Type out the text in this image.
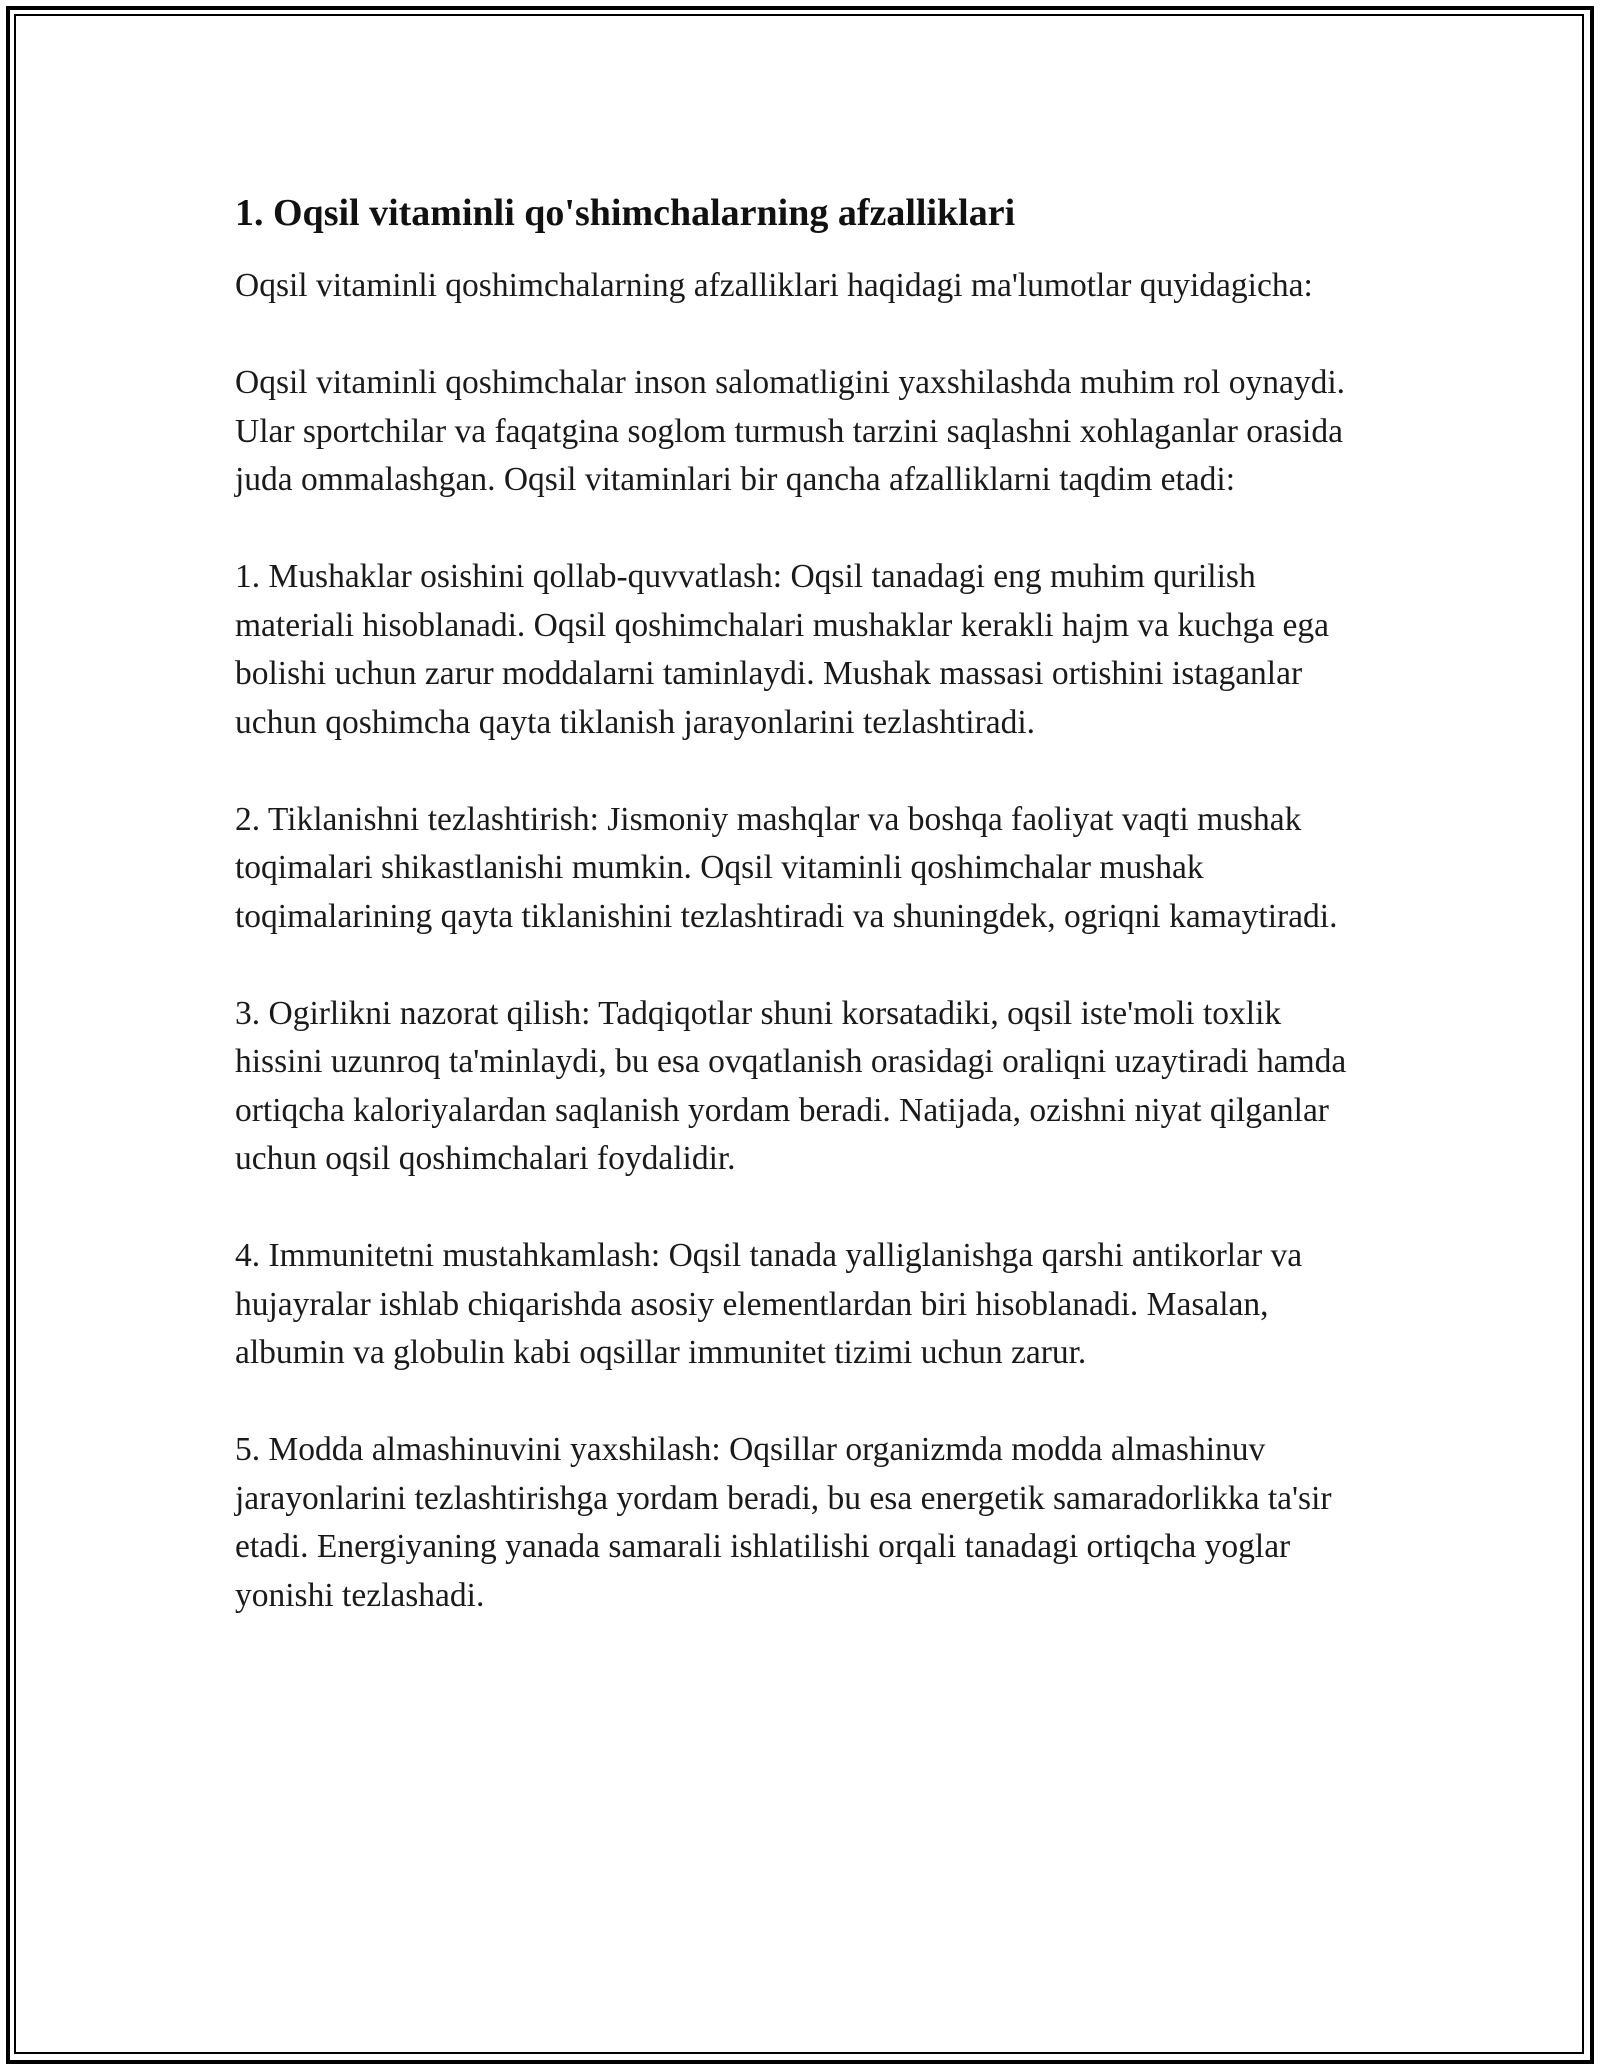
1. Oqsil vitaminli qo'shimchalarning afzalliklari

Oqsil vitaminli qoshimchalarning afzalliklari haqidagi ma'lumotlar quyidagicha:

Oqsil vitaminli qoshimchalar inson salomatligini yaxshilashda muhim rol oynaydi. Ular sportchilar va faqatgina soglom turmush tarzini saqlashni xohlaganlar orasida juda ommalashgan. Oqsil vitaminlari bir qancha afzalliklarni taqdim etadi:

1. Mushaklar osishini qollab-quvvatlash: Oqsil tanadagi eng muhim qurilish materiali hisoblanadi. Oqsil qoshimchalari mushaklar kerakli hajm va kuchga ega bolishi uchun zarur moddalarni taminlaydi. Mushak massasi ortishini istaganlar uchun qoshimcha qayta tiklanish jarayonlarini tezlashtiradi.

2. Tiklanishni tezlashtirish: Jismoniy mashqlar va boshqa faoliyat vaqti mushak toqimalari shikastlanishi mumkin. Oqsil vitaminli qoshimchalar mushak toqimalarining qayta tiklanishini tezlashtiradi va shuningdek, ogriqni kamaytiradi.

3. Ogirlikni nazorat qilish: Tadqiqotlar shuni korsatadiki, oqsil iste'moli toxlik hissini uzunroq ta'minlaydi, bu esa ovqatlanish orasidagi oraliqni uzaytiradi hamda ortiqcha kaloriyalardan saqlanish yordam beradi. Natijada, ozishni niyat qilganlar uchun oqsil qoshimchalari foydalidir.

4. Immunitetni mustahkamlash: Oqsil tanada yalliglanishga qarshi antikorlar va hujayralar ishlab chiqarishda asosiy elementlardan biri hisoblanadi. Masalan, albumin va globulin kabi oqsillar immunitet tizimi uchun zarur.

5. Modda almashinuvini yaxshilash: Oqsillar organizmda modda almashinuv jarayonlarini tezlashtirishga yordam beradi, bu esa energetik samaradorlikka ta'sir etadi. Energiyaning yanada samarali ishlatilishi orqali tanadagi ortiqcha yoglar yonishi tezlashadi.
